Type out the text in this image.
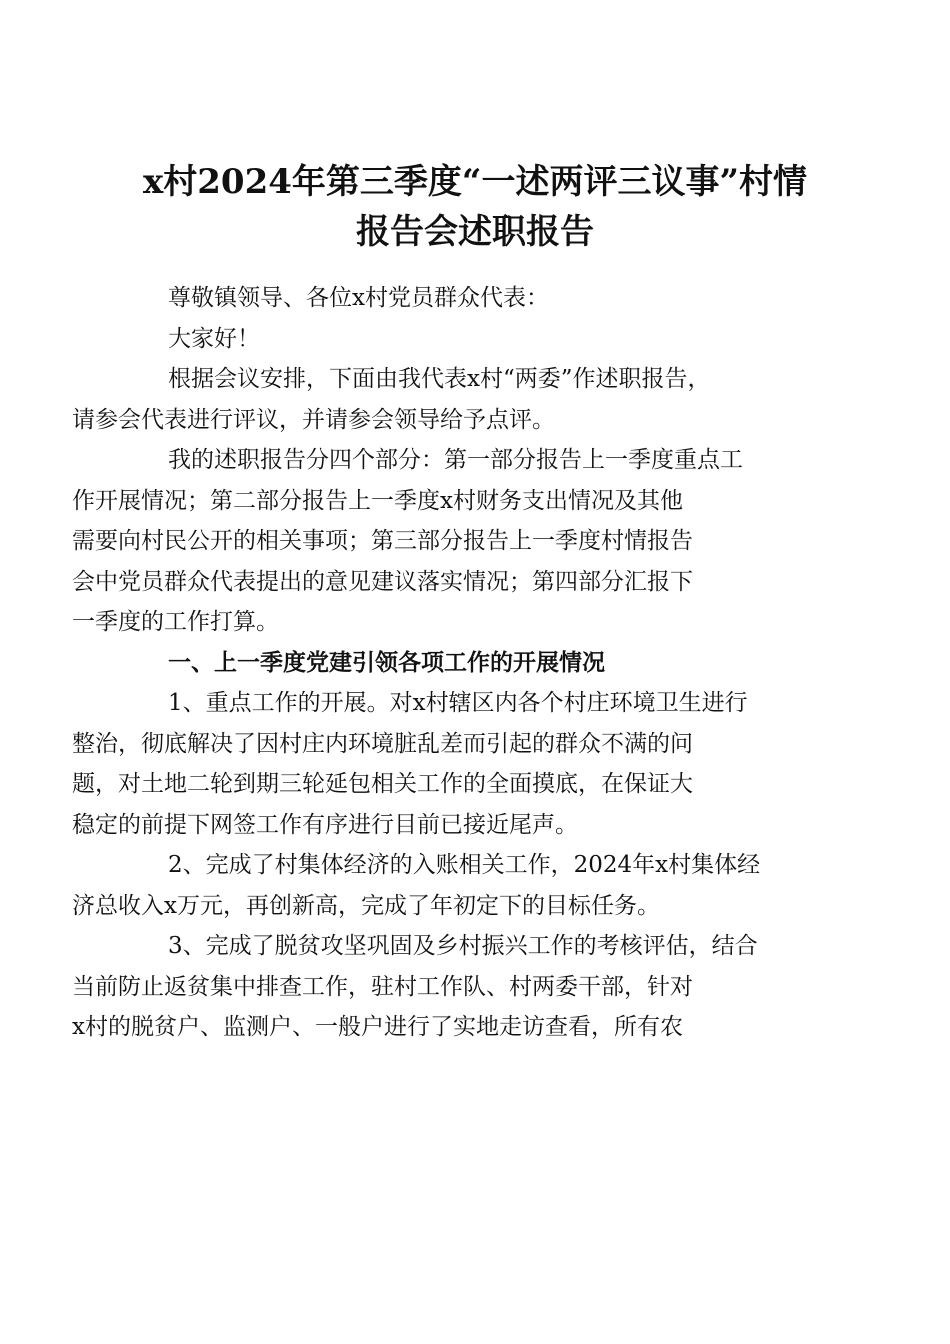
x村2024年第三季度“一述两评三议事”村情
报告会述职报告

尊敬镇领导、各位x村党员群众代表：

大家好！

根据会议安排，下面由我代表x村“两委”作述职报告，
请参会代表进行评议，并请参会领导给予点评。

我的述职报告分四个部分：第一部分报告上一季度重点工
作开展情况；第二部分报告上一季度x村财务支出情况及其他
需要向村民公开的相关事项；第三部分报告上一季度村情报告
会中党员群众代表提出的意见建议落实情况；第四部分汇报下
一季度的工作打算。

一、上一季度党建引领各项工作的开展情况

1、重点工作的开展。对x村辖区内各个村庄环境卫生进行
整治，彻底解决了因村庄内环境脏乱差而引起的群众不满的问
题，对土地二轮到期三轮延包相关工作的全面摸底，在保证大
稳定的前提下网签工作有序进行目前已接近尾声。

2、完成了村集体经济的入账相关工作，2024年x村集体经
济总收入x万元，再创新高，完成了年初定下的目标任务。

3、完成了脱贫攻坚巩固及乡村振兴工作的考核评估，结合
当前防止返贫集中排查工作，驻村工作队、村两委干部，针对
x村的脱贫户、监测户、一般户进行了实地走访查看，所有农
